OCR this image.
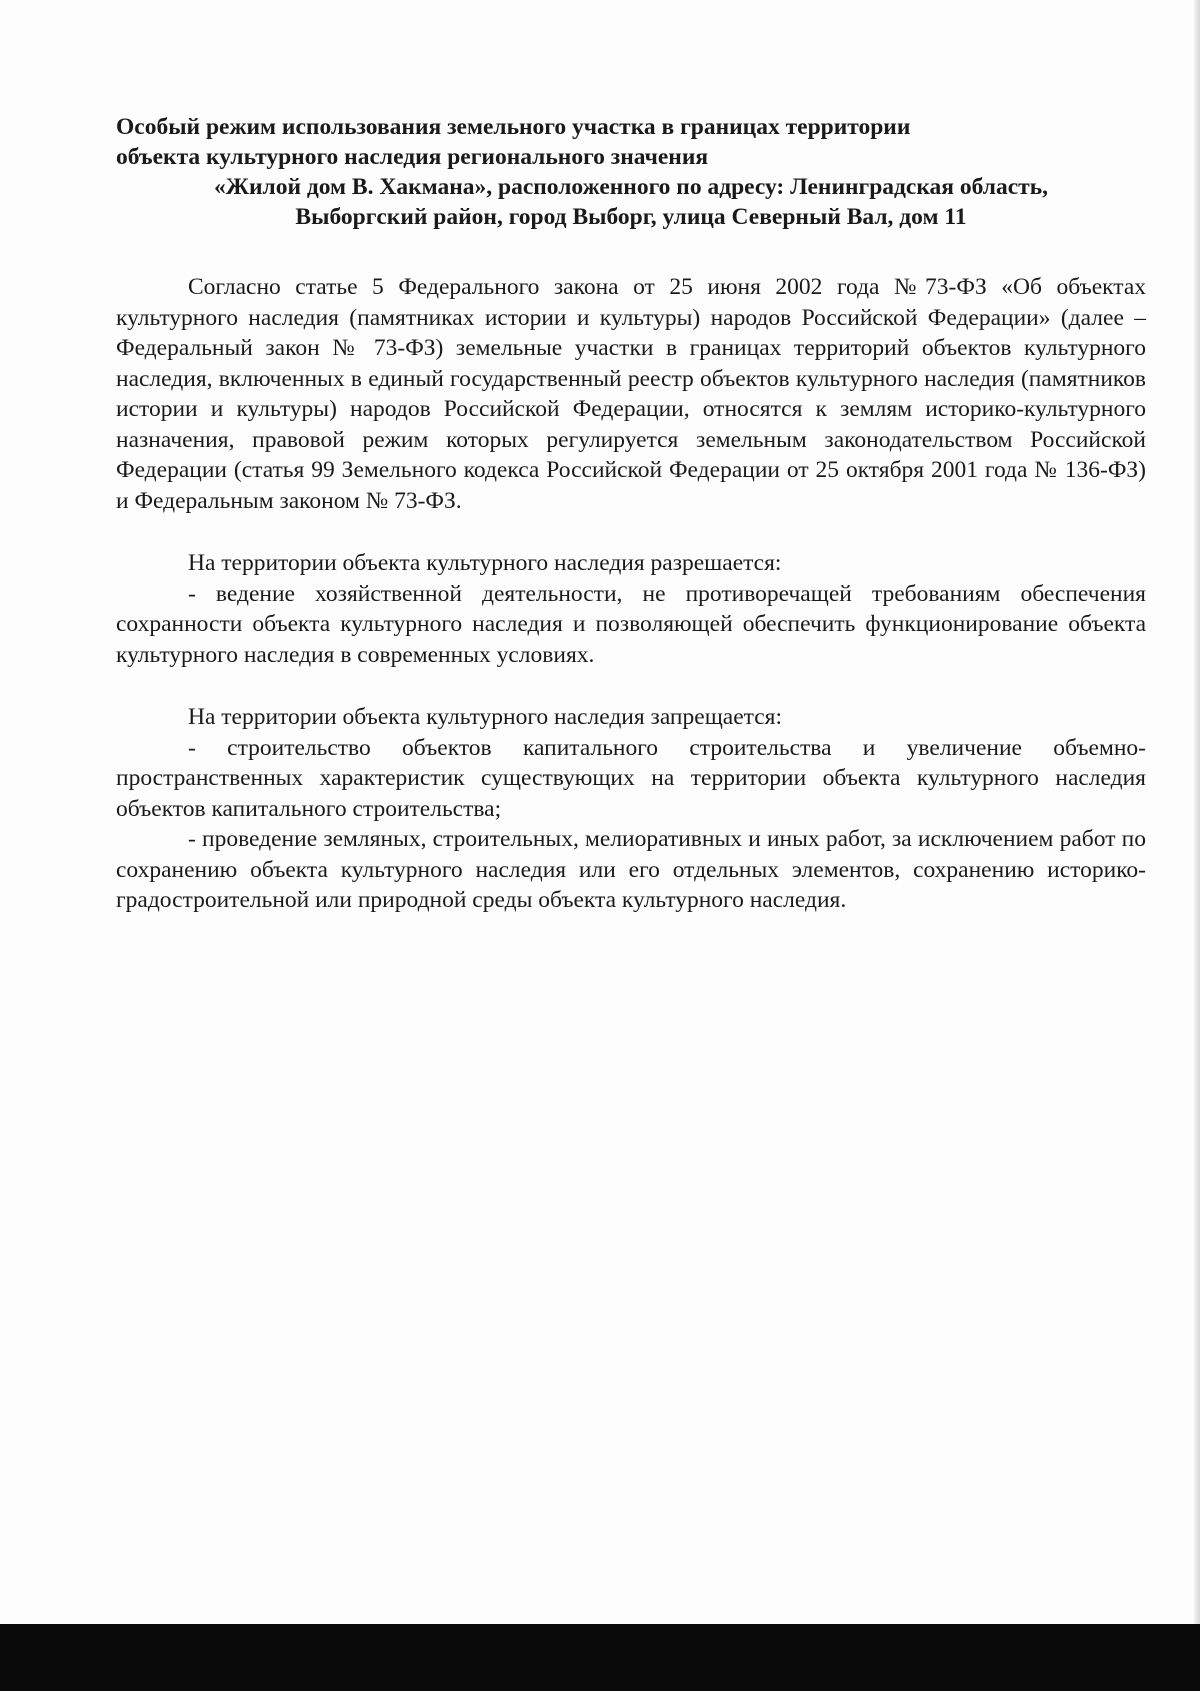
Особый режим использования земельного участка в границах территории
объекта культурного наследия регионального значения
«Жилой дом В. Хакмана», расположенного по адресу: Ленинградская область,
Выборгский район, город Выборг, улица Северный Вал, дом 11

Согласно статье 5 Федерального закона от 25 июня 2002 года №73-ФЗ «Об объектах культурного наследия (памятниках истории и культуры) народов Российской Федерации» (далее – Федеральный закон № 73-ФЗ) земельные участки в границах территорий объектов культурного наследия, включенных в единый государственный реестр объектов культурного наследия (памятников истории и культуры) народов Российской Федерации, относятся к землям историко-культурного назначения, правовой режим которых регулируется земельным законодательством Российской Федерации (статья 99 Земельного кодекса Российской Федерации от 25 октября 2001 года № 136-ФЗ) и Федеральным законом № 73-ФЗ.

На территории объекта культурного наследия разрешается:

- ведение хозяйственной деятельности, не противоречащей требованиям обеспечения сохранности объекта культурного наследия и позволяющей обеспечить функционирование объекта культурного наследия в современных условиях.

На территории объекта культурного наследия запрещается:

- строительство объектов капитального строительства и увеличение объемно-пространственных характеристик существующих на территории объекта культурного наследия объектов капитального строительства;

- проведение земляных, строительных, мелиоративных и иных работ, за исключением работ по сохранению объекта культурного наследия или его отдельных элементов, сохранению историко-градостроительной или природной среды объекта культурного наследия.
